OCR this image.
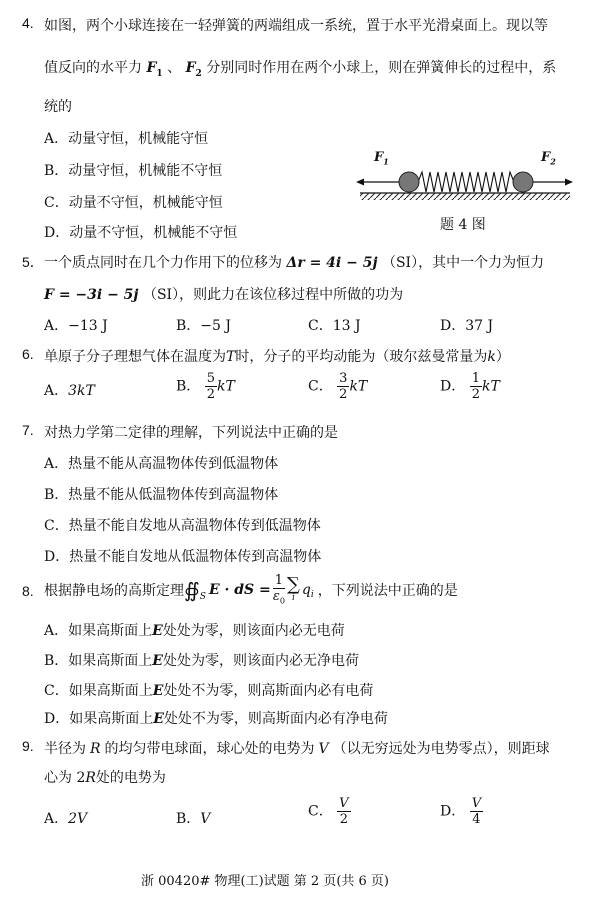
4. 如图，两个小球连接在一轻弹簧的两端组成一系统，置于水平光滑桌面上。现以等
值反向的水平力 $F_1$ 、 $F_2$ 分别同时作用在两个小球上，则在弹簧伸长的过程中，系
统的
A．动量守恒，机械能守恒
B．动量守恒，机械能不守恒
C．动量不守恒，机械能守恒
D．动量不守恒，机械能不守恒
$F_1$	$F_2$
题 4 图
5． 一个质点同时在几个力作用下的位移为 Δr = 4i − 5j （SI），其中一个力为恒力
F = −3i − 5j （SI），则此力在该位移过程中所做的功为
A．−13 J	B．−5 J	C．13 J	D．37 J
6. 单原子分子理想气体在温度为T时，分子的平均动能为（玻尔兹曼常量为k）
A．3kT	B． $\frac{5}{2}$ kT	C． $\frac{3}{2}$ kT	D． $\frac{1}{2}$ kT
7. 对热力学第二定律的理解，下列说法中正确的是
A．热量不能从高温物体传到低温物体
B．热量不能从低温物体传到高温物体
C．热量不能自发地从高温物体传到低温物体
D．热量不能自发地从低温物体传到高温物体
8. 根据静电场的高斯定理 $∯_S$ E · dS = $\frac{1}{\varepsilon_0}$ ∑
i
$q_i$ ，下列说法中正确的是
A．如果高斯面上E处处为零，则该面内必无电荷
B．如果高斯面上E处处为零，则该面内必无净电荷
C．如果高斯面上E处处不为零，则高斯面内必有电荷
D．如果高斯面上E处处不为零，则高斯面内必有净电荷
9. 半径为 R 的均匀带电球面，球心处的电势为 V （以无穷远处为电势零点），则距球
心为 2R处的电势为
A．2V	B．V	C． $\frac{V}{2}$	D． $\frac{V}{4}$
浙 00420# 物理(工)试题 第 2 页(共 6 页)
